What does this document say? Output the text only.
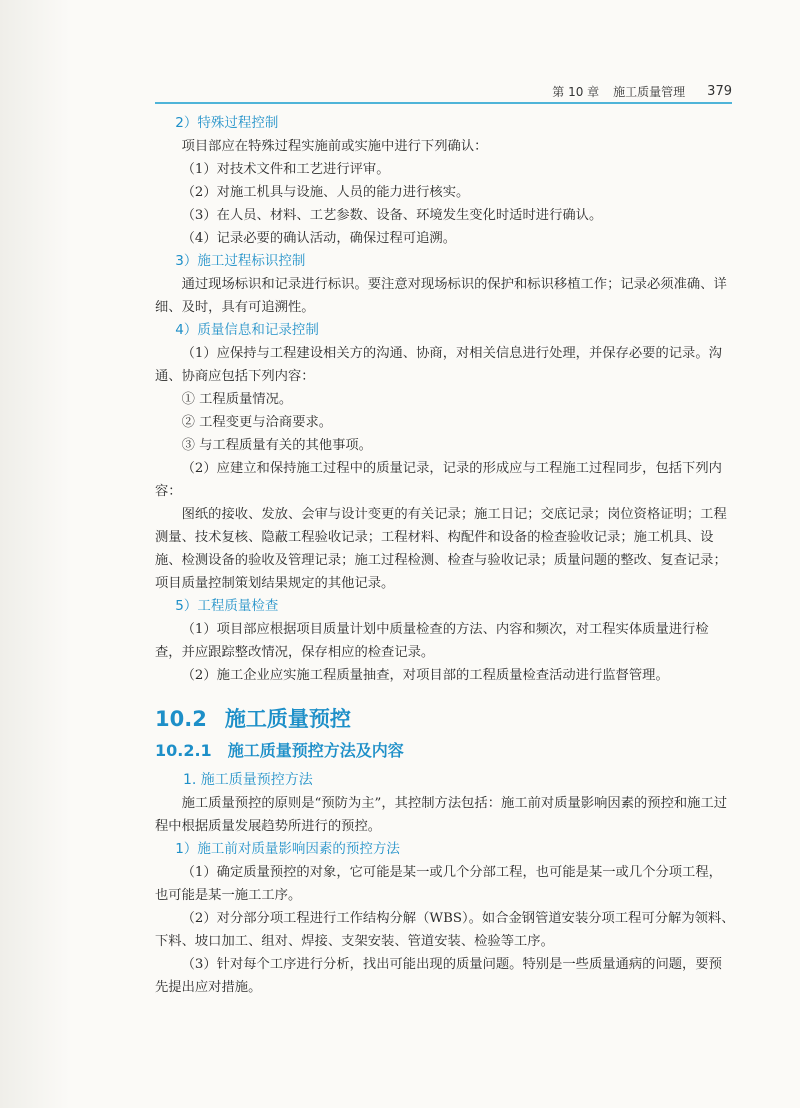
第 10 章 施工质量管理 379

2）特殊过程控制

项目部应在特殊过程实施前或实施中进行下列确认：

（1）对技术文件和工艺进行评审。

（2）对施工机具与设施、人员的能力进行核实。

（3）在人员、材料、工艺参数、设备、环境发生变化时适时进行确认。

（4）记录必要的确认活动，确保过程可追溯。

3）施工过程标识控制

通过现场标识和记录进行标识。要注意对现场标识的保护和标识移植工作；记录必须准确、详细、及时，具有可追溯性。

4）质量信息和记录控制

（1）应保持与工程建设相关方的沟通、协商，对相关信息进行处理，并保存必要的记录。沟通、协商应包括下列内容：

① 工程质量情况。

② 工程变更与洽商要求。

③ 与工程质量有关的其他事项。

（2）应建立和保持施工过程中的质量记录，记录的形成应与工程施工过程同步，包括下列内容：

图纸的接收、发放、会审与设计变更的有关记录；施工日记；交底记录；岗位资格证明；工程测量、技术复核、隐蔽工程验收记录；工程材料、构配件和设备的检查验收记录；施工机具、设施、检测设备的验收及管理记录；施工过程检测、检查与验收记录；质量问题的整改、复查记录；项目质量控制策划结果规定的其他记录。

5）工程质量检查

（1）项目部应根据项目质量计划中质量检查的方法、内容和频次，对工程实体质量进行检查，并应跟踪整改情况，保存相应的检查记录。

（2）施工企业应实施工程质量抽查，对项目部的工程质量检查活动进行监督管理。

10.2 施工质量预控
10.2.1 施工质量预控方法及内容

1. 施工质量预控方法

施工质量预控的原则是“预防为主”，其控制方法包括：施工前对质量影响因素的预控和施工过程中根据质量发展趋势所进行的预控。

1）施工前对质量影响因素的预控方法

（1）确定质量预控的对象，它可能是某一或几个分部工程，也可能是某一或几个分项工程，也可能是某一施工工序。

（2）对分部分项工程进行工作结构分解（WBS）。如合金钢管道安装分项工程可分解为领料、下料、坡口加工、组对、焊接、支架安装、管道安装、检验等工序。

（3）针对每个工序进行分析，找出可能出现的质量问题。特别是一些质量通病的问题，要预先提出应对措施。
